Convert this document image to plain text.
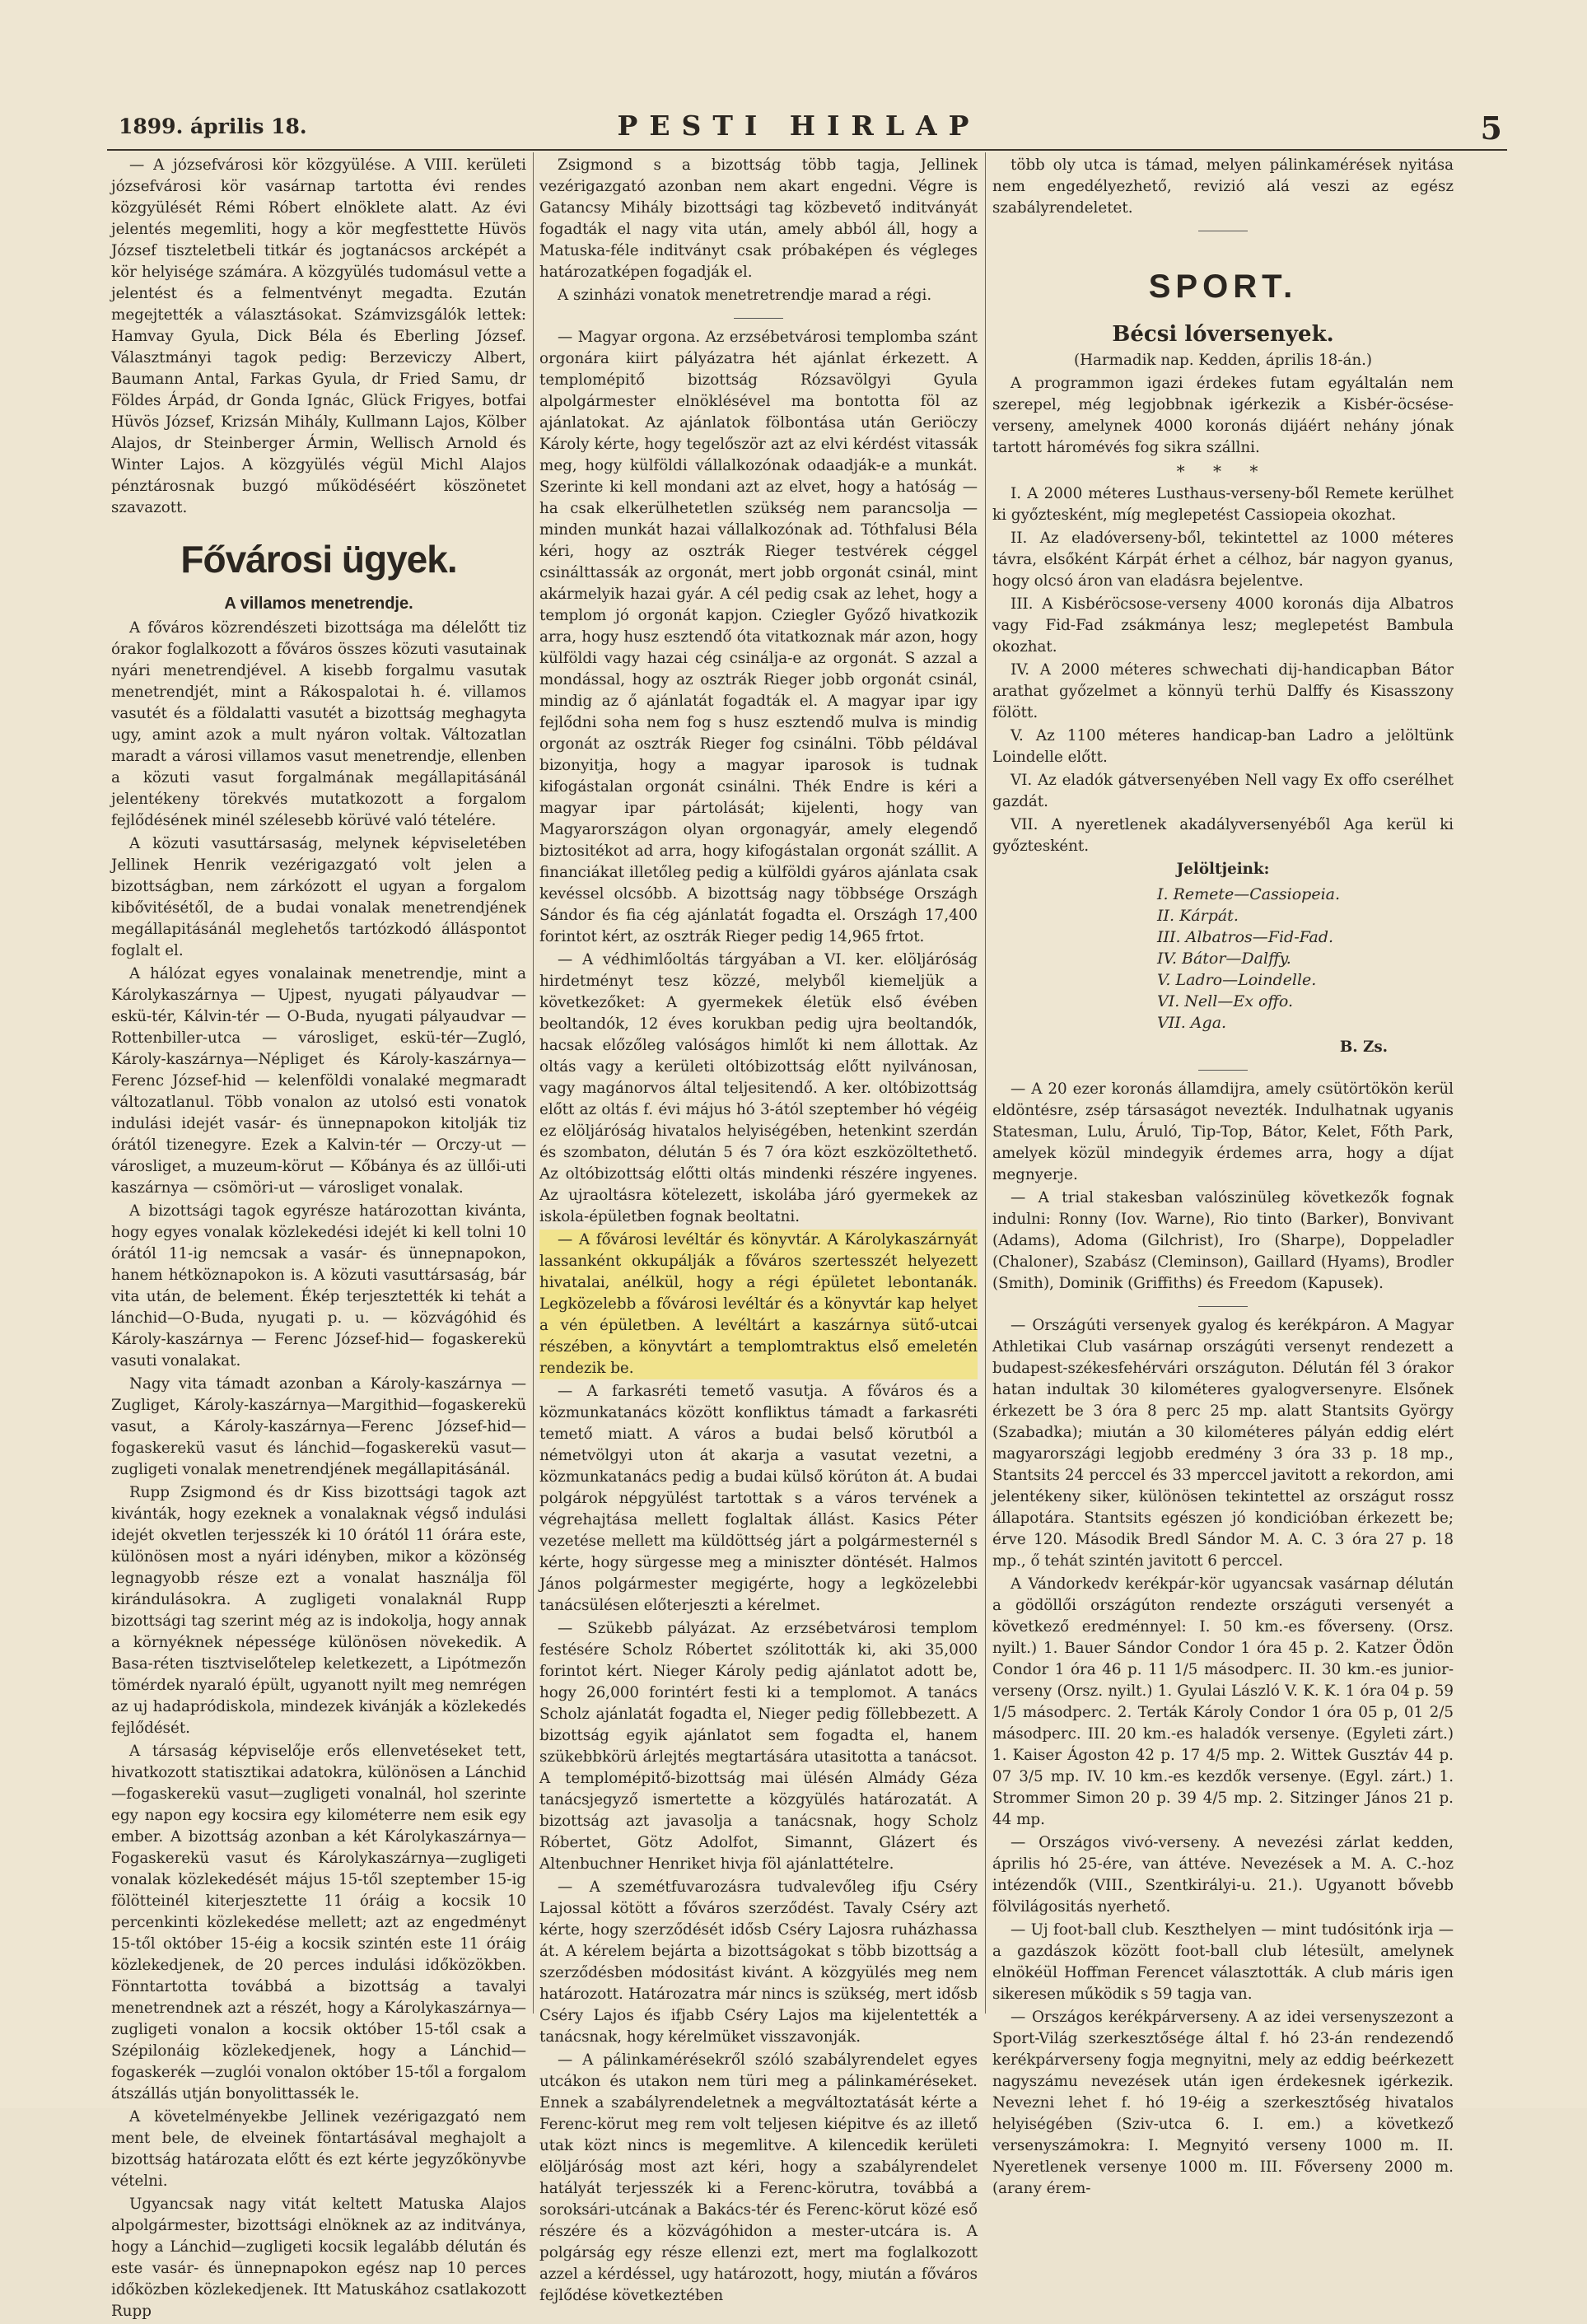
1899. április 18.	PESTI HIRLAP	5

— A józsefvárosi kör közgyülése. A VIII. kerületi józsefvárosi kör vasárnap tartotta évi rendes közgyülését Rémi Róbert elnöklete alatt. Az évi jelentés megemliti, hogy a kör megfesttette Hüvös József tiszteletbeli titkár és jogtanácsos arcképét a kör helyisége számára. A közgyülés tudomásul vette a jelentést és a felmentvényt megadta. Ezután megejtették a választásokat. Számvizsgálók lettek: Hamvay Gyula, Dick Béla és Eberling József. Választmányi tagok pedig: Berzeviczy Albert, Baumann Antal, Farkas Gyula, dr Fried Samu, dr Földes Árpád, dr Gonda Ignác, Glück Frigyes, botfai Hüvös József, Krizsán Mihály, Kullmann Lajos, Kölber Alajos, dr Steinberger Ármin, Wellisch Arnold és Winter Lajos. A közgyülés végül Michl Alajos pénztárosnak buzgó működéséért köszönetet szavazott.

Fővárosi ügyek.

A villamos menetrendje.

A főváros közrendészeti bizottsága ma délelőtt tiz órakor foglalkozott a főváros összes közuti vasutainak nyári menetrendjével. A kisebb forgalmu vasutak menetrendjét, mint a Rákospalotai h. é. villamos vasutét és a földalatti vasutét a bizottság meghagyta ugy, amint azok a mult nyáron voltak. Változatlan maradt a városi villamos vasut menetrendje, ellenben a közuti vasut forgalmának megállapitásánál jelentékeny törekvés mutatkozott a forgalom fejlődésének minél szélesebb körüvé való tételére.

A közuti vasuttársaság, melynek képviseletében Jellinek Henrik vezérigazgató volt jelen a bizottságban, nem zárkózott el ugyan a forgalom kibővitésétől, de a budai vonalak menetrendjének megállapitásánál meglehetős tartózkodó álláspontot foglalt el.

A hálózat egyes vonalainak menetrendje, mint a Károlykaszárnya — Ujpest, nyugati pályaudvar — eskü-tér, Kálvin-tér — O-Buda, nyugati pályaudvar — Rottenbiller-utca — városliget, eskü-tér—Zugló, Károly-kaszárnya—Népliget és Károly-kaszárnya—Ferenc József-hid — kelenföldi vonalaké megmaradt változatlanul. Több vonalon az utolsó esti vonatok indulási idejét vasár- és ünnepnapokon kitolják tiz órától tizenegyre. Ezek a Kalvin-tér — Orczy-ut — városliget, a muzeum-körut — Kőbánya és az üllői-uti kaszárnya — csömöri-ut — városliget vonalak.

A bizottsági tagok egyrésze határozottan kivánta, hogy egyes vonalak közlekedési idejét ki kell tolni 10 órától 11-ig nemcsak a vasár- és ünnepnapokon, hanem hétköznapokon is. A közuti vasuttársaság, bár vita után, de belement. Ékép terjesztették ki tehát a lánchid—O-Buda, nyugati p. u. — közvágóhid és Károly-kaszárnya — Ferenc József-hid— fogaskerekü vasuti vonalakat.

Nagy vita támadt azonban a Károly-kaszárnya —Zugliget, Károly-kaszárnya—Margithid—fogaskerekü vasut, a Károly-kaszárnya—Ferenc József-hid—fogaskerekü vasut és lánchid—fogaskerekü vasut—zugligeti vonalak menetrendjének megállapitásánál.

Rupp Zsigmond és dr Kiss bizottsági tagok azt kivánták, hogy ezeknek a vonalaknak végső indulási idejét okvetlen terjesszék ki 10 órától 11 órára este, különösen most a nyári idényben, mikor a közönség legnagyobb része ezt a vonalat használja föl kirándulásokra. A zugligeti vonalaknál Rupp bizottsági tag szerint még az is indokolja, hogy annak a környéknek népessége különösen növekedik. A Basa-réten tisztviselőtelep keletkezett, a Lipótmezőn tömérdek nyaraló épült, ugyanott nyilt meg nemrégen az uj hadapródiskola, mindezek kivánják a közlekedés fejlődését.

A társaság képviselője erős ellenvetéseket tett, hivatkozott statisztikai adatokra, különösen a Lánchid—fogaskerekü vasut—zugligeti vonalnál, hol szerinte egy napon egy kocsira egy kilométerre nem esik egy ember. A bizottság azonban a két Károlykaszárnya—Fogaskerekü vasut és Károlykaszárnya—zugligeti vonalak közlekedését május 15-től szeptember 15-ig fölötteinél kiterjesztette 11 óráig a kocsik 10 percenkinti közlekedése mellett; azt az engedményt 15-től október 15-éig a kocsik szintén este 11 óráig közlekedjenek, de 20 perces indulási időközökben. Fönntartotta továbbá a bizottság a tavalyi menetrendnek azt a részét, hogy a Károlykaszárnya—zugligeti vonalon a kocsik október 15-től csak a Szépilonáig közlekedjenek, hogy a Lánchid—fogaskerék —zuglói vonalon október 15-től a forgalom átszállás utján bonyolittassék le.

A követelményekbe Jellinek vezérigazgató nem ment bele, de elveinek föntartásával meghajolt a bizottság határozata előtt és ezt kérte jegyzőkönyvbe vételni.

Ugyancsak nagy vitát keltett Matuska Alajos alpolgármester, bizottsági elnöknek az az inditványa, hogy a Lánchid—zugligeti kocsik legalább délután és este vasár- és ünnepnapokon egész nap 10 perces időközben közlekedjenek. Itt Matuskához csatlakozott Rupp

Zsigmond s a bizottság több tagja, Jellinek vezérigazgató azonban nem akart engedni. Végre is Gatancsy Mihály bizottsági tag közbevető inditványát fogadták el nagy vita után, amely abból áll, hogy a Matuska-féle inditványt csak próbaképen és végleges határozatképen fogadják el.

A szinházi vonatok menetretrendje marad a régi.

— Magyar orgona. Az erzsébetvárosi templomba szánt orgonára kiirt pályázatra hét ajánlat érkezett. A templomépitő bizottság Rózsavölgyi Gyula alpolgármester elnöklésével ma bontotta föl az ajánlatokat. Az ajánlatok fölbontása után Geriöczy Károly kérte, hogy tegelőször azt az elvi kérdést vitassák meg, hogy külföldi vállalkozónak odaadják-e a munkát. Szerinte ki kell mondani azt az elvet, hogy a hatóság — ha csak elkerülhetetlen szükség nem parancsolja — minden munkát hazai vállalkozónak ad. Tóthfalusi Béla kéri, hogy az osztrák Rieger testvérek céggel csinálttassák az orgonát, mert jobb orgonát csinál, mint akármelyik hazai gyár. A cél pedig csak az lehet, hogy a templom jó orgonát kapjon. Cziegler Győző hivatkozik arra, hogy husz esztendő óta vitatkoznak már azon, hogy külföldi vagy hazai cég csinálja-e az orgonát. S azzal a mondással, hogy az osztrák Rieger jobb orgonát csinál, mindig az ő ajánlatát fogadták el. A magyar ipar igy fejlődni soha nem fog s husz esztendő mulva is mindig orgonát az osztrák Rieger fog csinálni. Több példával bizonyitja, hogy a magyar iparosok is tudnak kifogástalan orgonát csinálni. Thék Endre is kéri a magyar ipar pártolását; kijelenti, hogy van Magyarországon olyan orgonagyár, amely elegendő biztositékot ad arra, hogy kifogástalan orgonát szállit. A financiákat illetőleg pedig a külföldi gyáros ajánlata csak kevéssel olcsóbb. A bizottság nagy többsége Országh Sándor és fia cég ajánlatát fogadta el. Országh 17,400 forintot kért, az osztrák Rieger pedig 14,965 frtot.

— A védhimlőoltás tárgyában a VI. ker. elöljáróság hirdetményt tesz közzé, melyből kiemeljük a következőket: A gyermekek életük első évében beoltandók, 12 éves korukban pedig ujra beoltandók, hacsak előzőleg valóságos himlőt ki nem állottak. Az oltás vagy a kerületi oltóbizottság előtt nyilvánosan, vagy magánorvos által teljesitendő. A ker. oltóbizottság előtt az oltás f. évi május hó 3-ától szeptember hó végéig ez elöljáróság hivatalos helyiségében, hetenkint szerdán és szombaton, délután 5 és 7 óra közt eszközöltethető. Az oltóbizottság előtti oltás mindenki részére ingyenes. Az ujraoltásra kötelezett, iskolába járó gyermekek az iskola-épületben fognak beoltatni.

— A fővárosi levéltár és könyvtár. A Károlykaszárnyát lassanként okkupálják a főváros szertesszét helyezett hivatalai, anélkül, hogy a régi épületet lebontanák. Legközelebb a fővárosi levéltár és a könyvtár kap helyet a vén épületben. A levéltárt a kaszárnya sütő-utcai részében, a könyvtárt a templomtraktus első emeletén rendezik be.

— A farkasréti temető vasutja. A főváros és a közmunkatanács között konfliktus támadt a farkasréti temető miatt. A város a budai belső körutból a németvölgyi uton át akarja a vasutat vezetni, a közmunkatanács pedig a budai külső körúton át. A budai polgárok népgyülést tartottak s a város tervének a végrehajtása mellett foglaltak állást. Kasics Péter vezetése mellett ma küldöttség járt a polgármesternél s kérte, hogy sürgesse meg a miniszter döntését. Halmos János polgármester megigérte, hogy a legközelebbi tanácsülésen előterjeszti a kérelmet.

— Szükebb pályázat. Az erzsébetvárosi templom festésére Scholz Róbertet szólitották ki, aki 35,000 forintot kért. Nieger Károly pedig ajánlatot adott be, hogy 26,000 forintért festi ki a templomot. A tanács Scholz ajánlatát fogadta el, Nieger pedig föllebbezett. A bizottság egyik ajánlatot sem fogadta el, hanem szükebbkörü árlejtés megtartására utasitotta a tanácsot. A templomépitő-bizottság mai ülésén Almády Géza tanácsjegyző ismertette a közgyülés határozatát. A bizottság azt javasolja a tanácsnak, hogy Scholz Róbertet, Götz Adolfot, Simannt, Glázert és Altenbuchner Henriket hivja föl ajánlattételre.

— A szemétfuvarozásra tudvalevőleg ifju Cséry Lajossal kötött a főváros szerződést. Tavaly Cséry azt kérte, hogy szerződését idősb Cséry Lajosra ruházhassa át. A kérelem bejárta a bizottságokat s több bizottság a szerződésben módositást kivánt. A közgyülés meg nem határozott. Határozatra már nincs is szükség, mert idősb Cséry Lajos és ifjabb Cséry Lajos ma kijelentették a tanácsnak, hogy kérelmüket visszavonják.

— A pálinkamérésekről szóló szabályrendelet egyes utcákon és utakon nem türi meg a pálinkaméréseket. Ennek a szabályrendeletnek a megváltoztatását kérte a Ferenc-körut meg rem volt teljesen kiépitve és az illető utak közt nincs is megemlitve. A kilencedik kerületi elöljáróság most azt kéri, hogy a szabályrendelet hatályát terjesszék ki a Ferenc-körutra, továbbá a soroksári-utcának a Bakács-tér és Ferenc-körut közé eső részére és a közvágóhidon a mester-utcára is. A polgárság egy része ellenzi ezt, mert ma foglalkozott azzel a kérdéssel, ugy határozott, hogy, miután a főváros fejlődése következtében

több oly utca is támad, melyen pálinkamérések nyitása nem engedélyezhető, revizió alá veszi az egész szabályrendeletet.

SPORT.

Bécsi lóversenyek.

(Harmadik nap. Kedden, április 18-án.)

A programmon igazi érdekes futam egyáltalán nem szerepel, még legjobbnak igérkezik a Kisbér-öcsése-verseny, amelynek 4000 koronás dijáért nehány jónak tartott háromévés fog sikra szállni.

* * *

I. A 2000 méteres Lusthaus-verseny-ből Remete kerülhet ki győztesként, míg meglepetést Cassiopeia okozhat.

II. Az eladóverseny-ből, tekintettel az 1000 méteres távra, elsőként Kárpát érhet a célhoz, bár nagyon gyanus, hogy olcsó áron van eladásra bejelentve.

III. A Kisbéröcsose-verseny 4000 koronás dija Albatros vagy Fid-Fad zsákmánya lesz; meglepetést Bambula okozhat.

IV. A 2000 méteres schwechati dij-handicapban Bátor arathat győzelmet a könnyü terhü Dalffy és Kisasszony fölött.

V. Az 1100 méteres handicap-ban Ladro a jelöltünk Loindelle előtt.

VI. Az eladók gátversenyében Nell vagy Ex offo cserélhet gazdát.

VII. A nyeretlenek akadályversenyéből Aga kerül ki győztesként.

Jelöltjeink:

I. Remete—Cassiopeia.
II. Kárpát.
III. Albatros—Fid-Fad.
IV. Bátor—Dalffy.
V. Ladro—Loindelle.
VI. Nell—Ex offo.
VII. Aga.

B. Zs.

— A 20 ezer koronás államdijra, amely csütörtökön kerül eldöntésre, zsép társaságot nevezték. Indulhatnak ugyanis Statesman, Lulu, Áruló, Tip-Top, Bátor, Kelet, Főth Park, amelyek közül mindegyik érdemes arra, hogy a díjat megnyerje.

— A trial stakesban valószinüleg következők fognak indulni: Ronny (Iov. Warne), Rio tinto (Barker), Bonvivant (Adams), Adoma (Gilchrist), Iro (Sharpe), Doppeladler (Chaloner), Szabász (Cleminson), Gaillard (Hyams), Brodler (Smith), Dominik (Griffiths) és Freedom (Kapusek).

— Országúti versenyek gyalog és kerékpáron. A Magyar Athletikai Club vasárnap országúti versenyt rendezett a budapest-székesfehérvári országuton. Délután fél 3 órakor hatan indultak 30 kilométeres gyalogversenyre. Elsőnek érkezett be 3 óra 8 perc 25 mp. alatt Stantsits György (Szabadka); miután a 30 kilométeres pályán eddig elért magyarországi legjobb eredmény 3 óra 33 p. 18 mp., Stantsits 24 perccel és 33 mperccel javitott a rekordon, ami jelentékeny siker, különösen tekintettel az országut rossz állapotára. Stantsits egészen jó kondicióban érkezett be; érve 120. Második Bredl Sándor M. A. C. 3 óra 27 p. 18 mp., ő tehát szintén javitott 6 perccel.

A Vándorkedv kerékpár-kör ugyancsak vasárnap délután a gödöllői országúton rendezte országuti versenyét a következő eredménnyel: I. 50 km.-es főverseny. (Orsz. nyilt.) 1. Bauer Sándor Condor 1 óra 45 p. 2. Katzer Ödön Condor 1 óra 46 p. 11 1/5 másodperc. II. 30 km.-es junior-verseny (Orsz. nyilt.) 1. Gyulai László V. K. K. 1 óra 04 p. 59 1/5 másodperc. 2. Terták Károly Condor 1 óra 05 p, 01 2/5 másodperc. III. 20 km.-es haladók versenye. (Egyleti zárt.) 1. Kaiser Ágoston 42 p. 17 4/5 mp. 2. Wittek Gusztáv 44 p. 07 3/5 mp. IV. 10 km.-es kezdők versenye. (Egyl. zárt.) 1. Strommer Simon 20 p. 39 4/5 mp. 2. Sitzinger János 21 p. 44 mp.

— Országos vivó-verseny. A nevezési zárlat kedden, április hó 25-ére, van áttéve. Nevezések a M. A. C.-hoz intézendők (VIII., Szentkirályi-u. 21.). Ugyanott bővebb fölvilágositás nyerhető.

— Uj foot-ball club. Keszthelyen — mint tudósitónk irja — a gazdászok között foot-ball club létesült, amelynek elnökéül Hoffman Ferencet választották. A club máris igen sikeresen működik s 59 tagja van.

— Országos kerékpárverseny. A az idei versenyszezont a Sport-Világ szerkesztősége által f. hó 23-án rendezendő kerékpárverseny fogja megnyitni, mely az eddig beérkezett nagyszámu nevezések után igen érdekesnek igérkezik. Nevezni lehet f. hó 19-éig a szerkesztőség hivatalos helyiségében (Sziv-utca 6. I. em.) a következő versenyszámokra: I. Megnyitó verseny 1000 m. II. Nyeretlenek versenye 1000 m. III. Főverseny 2000 m. (arany érem-
